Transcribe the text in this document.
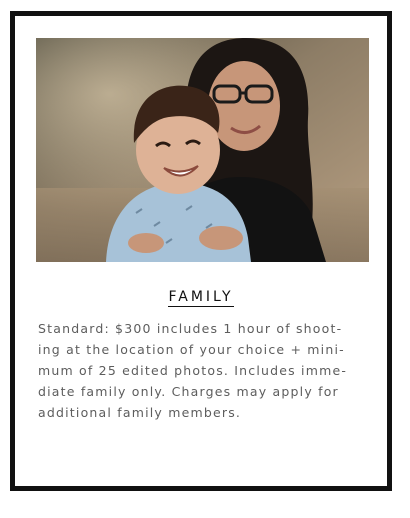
FAMILY
Standard: $300 includes 1 hour of shoot-
ing at the location of your choice + mini-
mum of 25 edited photos. Includes imme-
diate family only. Charges may apply for
additional family members.
